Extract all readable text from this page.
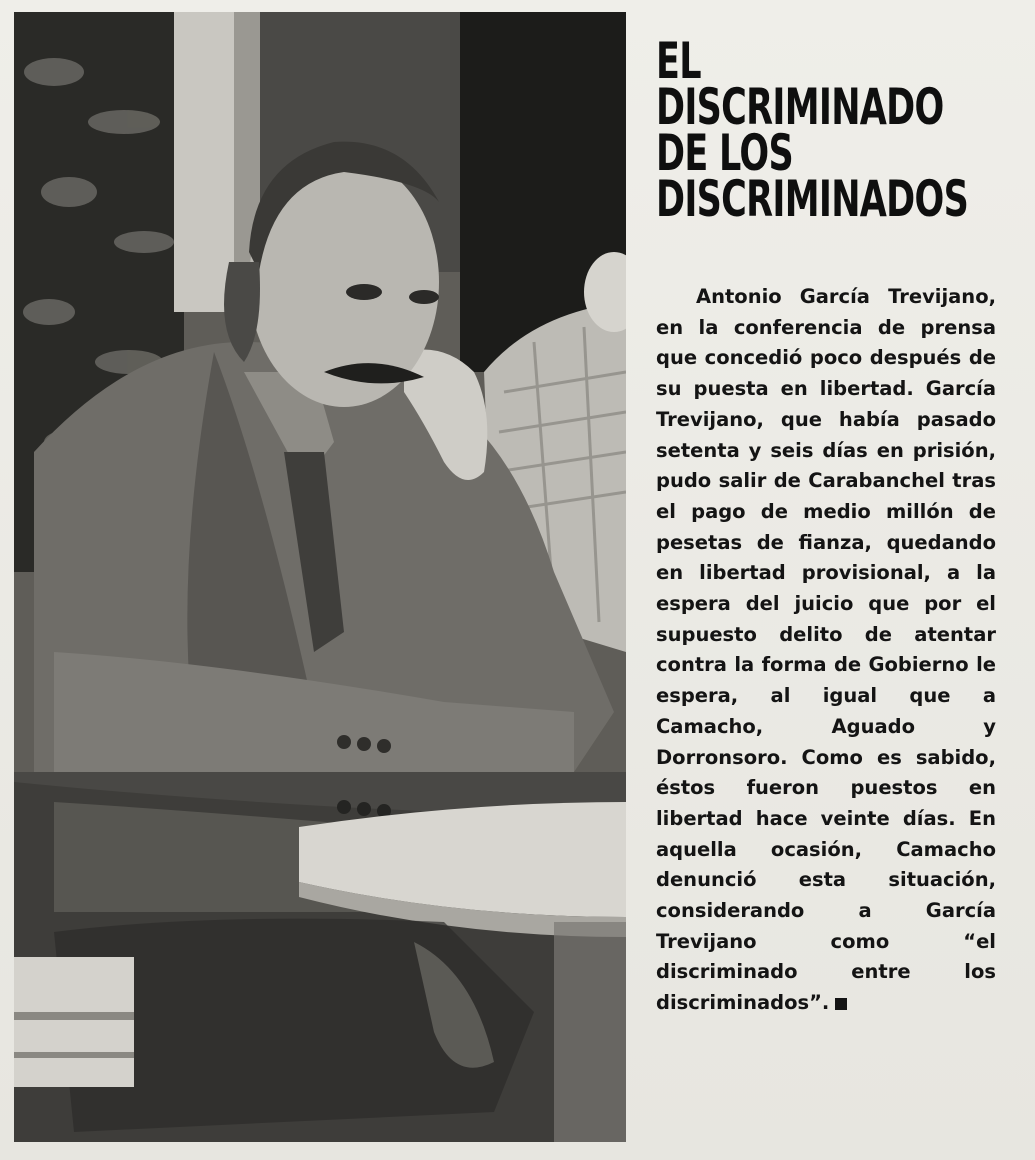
EL
DISCRIMINADO
DE LOS
DISCRIMINADOS

Antonio García Trevijano, en la conferencia de prensa que concedió poco después de su puesta en libertad. García Trevijano, que había pasado setenta y seis días en prisión, pudo salir de Carabanchel tras el pago de medio millón de pesetas de fianza, quedando en libertad provisional, a la espera del juicio que por el supuesto delito de atentar contra la forma de Gobierno le espera, al igual que a Camacho, Aguado y Dorronsoro. Como es sabido, éstos fueron puestos en libertad hace veinte días. En aquella ocasión, Camacho denunció esta situación, considerando a García Trevijano como “el discriminado entre los discriminados”.
